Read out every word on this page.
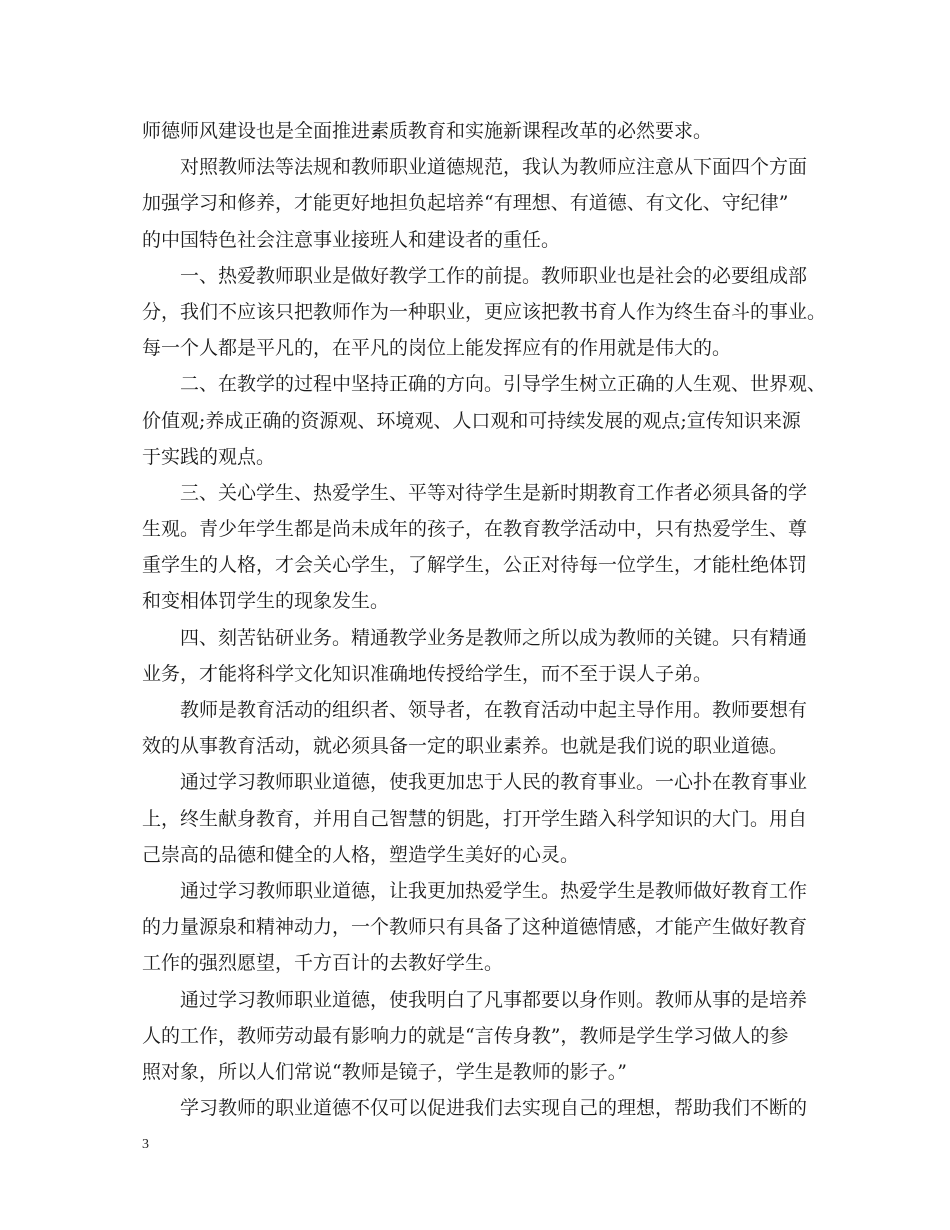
师德师风建设也是全面推进素质教育和实施新课程改革的必然要求。
对照教师法等法规和教师职业道德规范，我认为教师应注意从下面四个方面
加强学习和修养，才能更好地担负起培养“有理想、有道德、有文化、守纪律”
的中国特色社会注意事业接班人和建设者的重任。
一、热爱教师职业是做好教学工作的前提。教师职业也是社会的必要组成部
分，我们不应该只把教师作为一种职业，更应该把教书育人作为终生奋斗的事业。
每一个人都是平凡的，在平凡的岗位上能发挥应有的作用就是伟大的。
二、在教学的过程中坚持正确的方向。引导学生树立正确的人生观、世界观、
价值观;养成正确的资源观、环境观、人口观和可持续发展的观点;宣传知识来源
于实践的观点。
三、关心学生、热爱学生、平等对待学生是新时期教育工作者必须具备的学
生观。青少年学生都是尚未成年的孩子，在教育教学活动中，只有热爱学生、尊
重学生的人格，才会关心学生，了解学生，公正对待每一位学生，才能杜绝体罚
和变相体罚学生的现象发生。
四、刻苦钻研业务。精通教学业务是教师之所以成为教师的关键。只有精通
业务，才能将科学文化知识准确地传授给学生，而不至于误人子弟。
教师是教育活动的组织者、领导者，在教育活动中起主导作用。教师要想有
效的从事教育活动，就必须具备一定的职业素养。也就是我们说的职业道德。
通过学习教师职业道德，使我更加忠于人民的教育事业。一心扑在教育事业
上，终生献身教育，并用自己智慧的钥匙，打开学生踏入科学知识的大门。用自
己崇高的品德和健全的人格，塑造学生美好的心灵。
通过学习教师职业道德，让我更加热爱学生。热爱学生是教师做好教育工作
的力量源泉和精神动力，一个教师只有具备了这种道德情感，才能产生做好教育
工作的强烈愿望，千方百计的去教好学生。
通过学习教师职业道德，使我明白了凡事都要以身作则。教师从事的是培养
人的工作，教师劳动最有影响力的就是“言传身教”，教师是学生学习做人的参
照对象，所以人们常说“教师是镜子，学生是教师的影子。”
学习教师的职业道德不仅可以促进我们去实现自己的理想，帮助我们不断的
3
